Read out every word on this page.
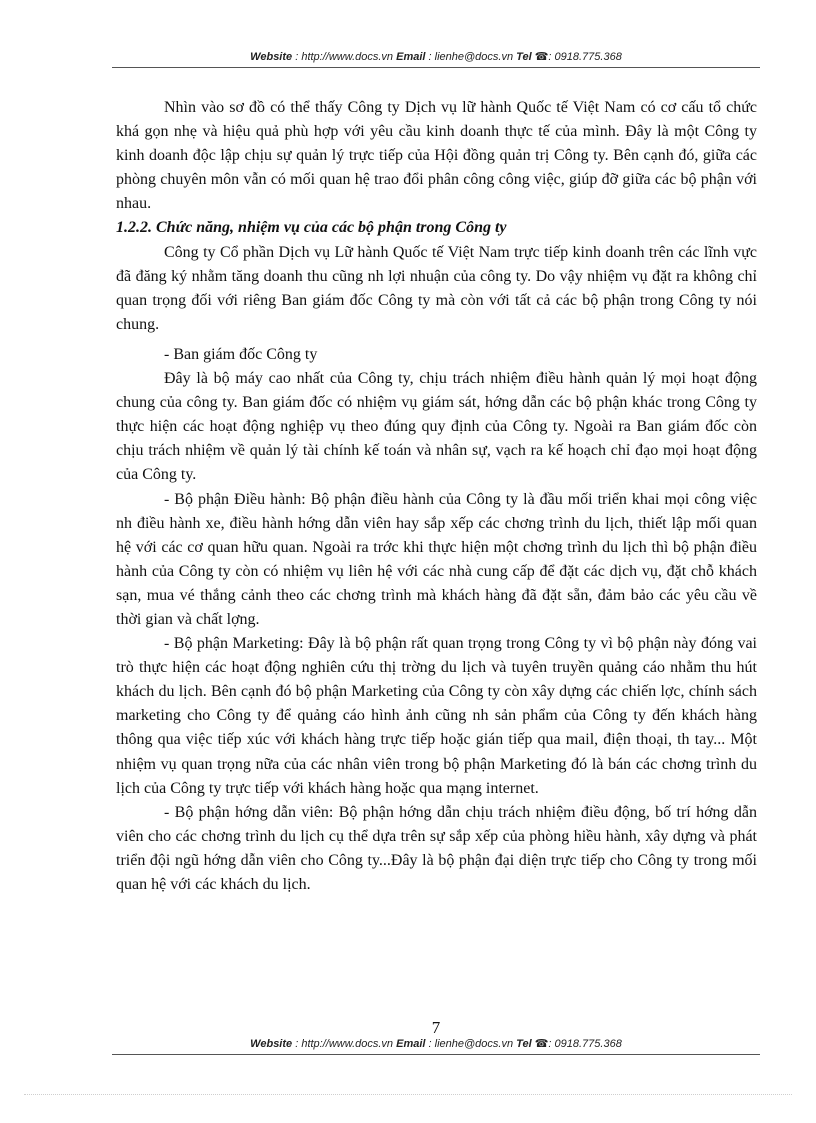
Website : http://www.docs.vn Email : lienhe@docs.vn Tel ☎: 0918.775.368

Nhìn vào sơ đồ có thể thấy Công ty Dịch vụ lữ hành Quốc tế Việt Nam có cơ cấu tổ chức khá gọn nhẹ và hiệu quả phù hợp với yêu cầu kinh doanh thực tế của mình. Đây là một Công ty kinh doanh độc lập chịu sự quản lý trực tiếp của Hội đồng quản trị Công ty. Bên cạnh đó, giữa các phòng chuyên môn vẫn có mối quan hệ trao đổi phân công công việc, giúp đỡ giữa các bộ phận với nhau.

1.2.2. Chức năng, nhiệm vụ của các bộ phận trong Công ty

Công ty Cổ phần Dịch vụ Lữ hành Quốc tế Việt Nam trực tiếp kinh doanh trên các lĩnh vực đã đăng ký nhằm tăng doanh thu cũng nh lợi nhuận của công ty. Do vậy nhiệm vụ đặt ra không chỉ quan trọng đối với riêng Ban giám đốc Công ty mà còn với tất cả các bộ phận trong Công ty nói chung.

- Ban giám đốc Công ty

Đây là bộ máy cao nhất của Công ty, chịu trách nhiệm điều hành quản lý mọi hoạt động chung của công ty. Ban giám đốc có nhiệm vụ giám sát, hớng dẫn các bộ phận khác trong Công ty thực hiện các hoạt động nghiệp vụ theo đúng quy định của Công ty. Ngoài ra Ban giám đốc còn chịu trách nhiệm về quản lý tài chính kế toán và nhân sự, vạch ra kế hoạch chỉ đạo mọi hoạt động của Công ty.

- Bộ phận Điều hành: Bộ phận điều hành của Công ty là đầu mối triển khai mọi công việc nh điều hành xe, điều hành hớng dẫn viên hay sắp xếp các chơng trình du lịch, thiết lập mối quan hệ với các cơ quan hữu quan. Ngoài ra trớc khi thực hiện một chơng trình du lịch thì bộ phận điều hành của Công ty còn có nhiệm vụ liên hệ với các nhà cung cấp để đặt các dịch vụ, đặt chỗ khách sạn, mua vé thắng cảnh theo các chơng trình mà khách hàng đã đặt sẵn, đảm bảo các yêu cầu về thời gian và chất lợng.

- Bộ phận Marketing: Đây là bộ phận rất quan trọng trong Công ty vì bộ phận này đóng vai trò thực hiện các hoạt động nghiên cứu thị trờng du lịch và tuyên truyền quảng cáo nhằm thu hút khách du lịch. Bên cạnh đó bộ phận Marketing của Công ty còn xây dựng các chiến lợc, chính sách marketing cho Công ty để quảng cáo hình ảnh cũng nh sản phẩm của Công ty đến khách hàng thông qua việc tiếp xúc với khách hàng trực tiếp hoặc gián tiếp qua mail, điện thoại, th tay... Một nhiệm vụ quan trọng nữa của các nhân viên trong bộ phận Marketing đó là bán các chơng trình du lịch của Công ty trực tiếp với khách hàng hoặc qua mạng internet.

- Bộ phận hớng dẫn viên: Bộ phận hớng dẫn chịu trách nhiệm điều động, bố trí hớng dẫn viên cho các chơng trình du lịch cụ thể dựa trên sự sắp xếp của phòng hiều hành, xây dựng và phát triển đội ngũ hớng dẫn viên cho Công ty...Đây là bộ phận đại diện trực tiếp cho Công ty trong mối quan hệ với các khách du lịch.

7
Website : http://www.docs.vn Email : lienhe@docs.vn Tel ☎: 0918.775.368
